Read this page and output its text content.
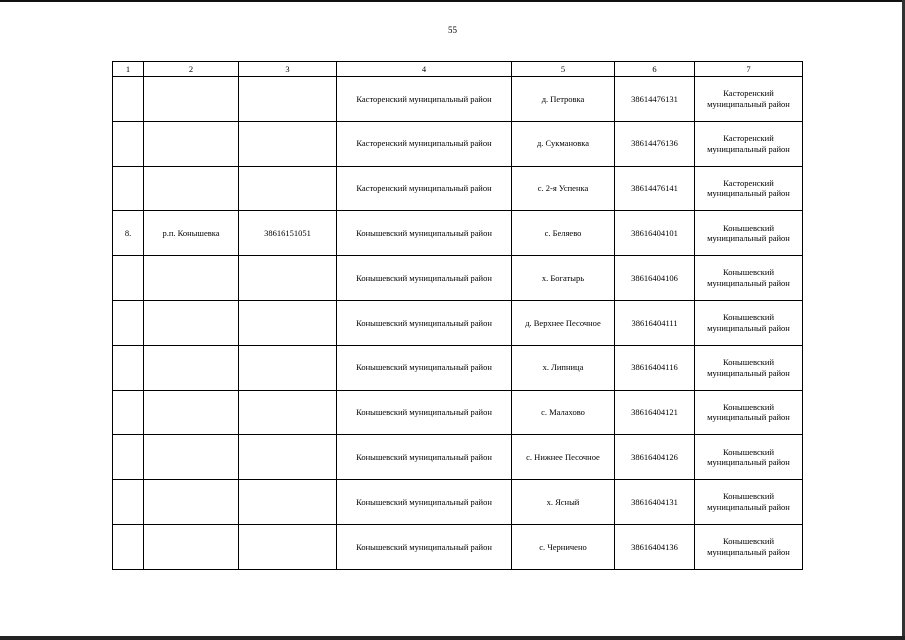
55
1	2	3	4	5	6	7
			Касторенский муниципальный район	д. Петровка	38614476131	Касторенский муниципальный район
			Касторенский муниципальный район	д. Сукмановка	38614476136	Касторенский муниципальный район
			Касторенский муниципальный район	с. 2-я Успенка	38614476141	Касторенский муниципальный район
8.	р.п. Конышевка	38616151051	Конышевский муниципальный район	с. Беляево	38616404101	Конышевский муниципальный район
			Конышевский муниципальный район	х. Богатырь	38616404106	Конышевский муниципальный район
			Конышевский муниципальный район	д. Верхнее Песочное	38616404111	Конышевский муниципальный район
			Конышевский муниципальный район	х. Липница	38616404116	Конышевский муниципальный район
			Конышевский муниципальный район	с. Малахово	38616404121	Конышевский муниципальный район
			Конышевский муниципальный район	с. Нижнее Песочное	38616404126	Конышевский муниципальный район
			Конышевский муниципальный район	х. Ясный	38616404131	Конышевский муниципальный район
			Конышевский муниципальный район	с. Черничено	38616404136	Конышевский муниципальный район
